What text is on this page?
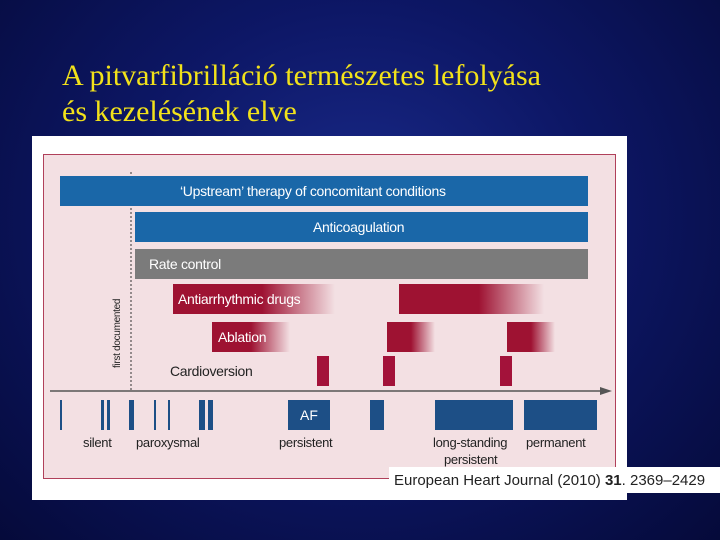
A pitvarfibrilláció természetes lefolyása
és kezelésének elve
first documented
‘Upstream’ therapy of concomitant conditions
Anticoagulation
Rate control
Antiarrhythmic drugs
Ablation
Cardioversion
AF
silent paroxysmal	persistent	long-standing
persistent
permanent
European Heart Journal (2010) 31 . 2369–2429
